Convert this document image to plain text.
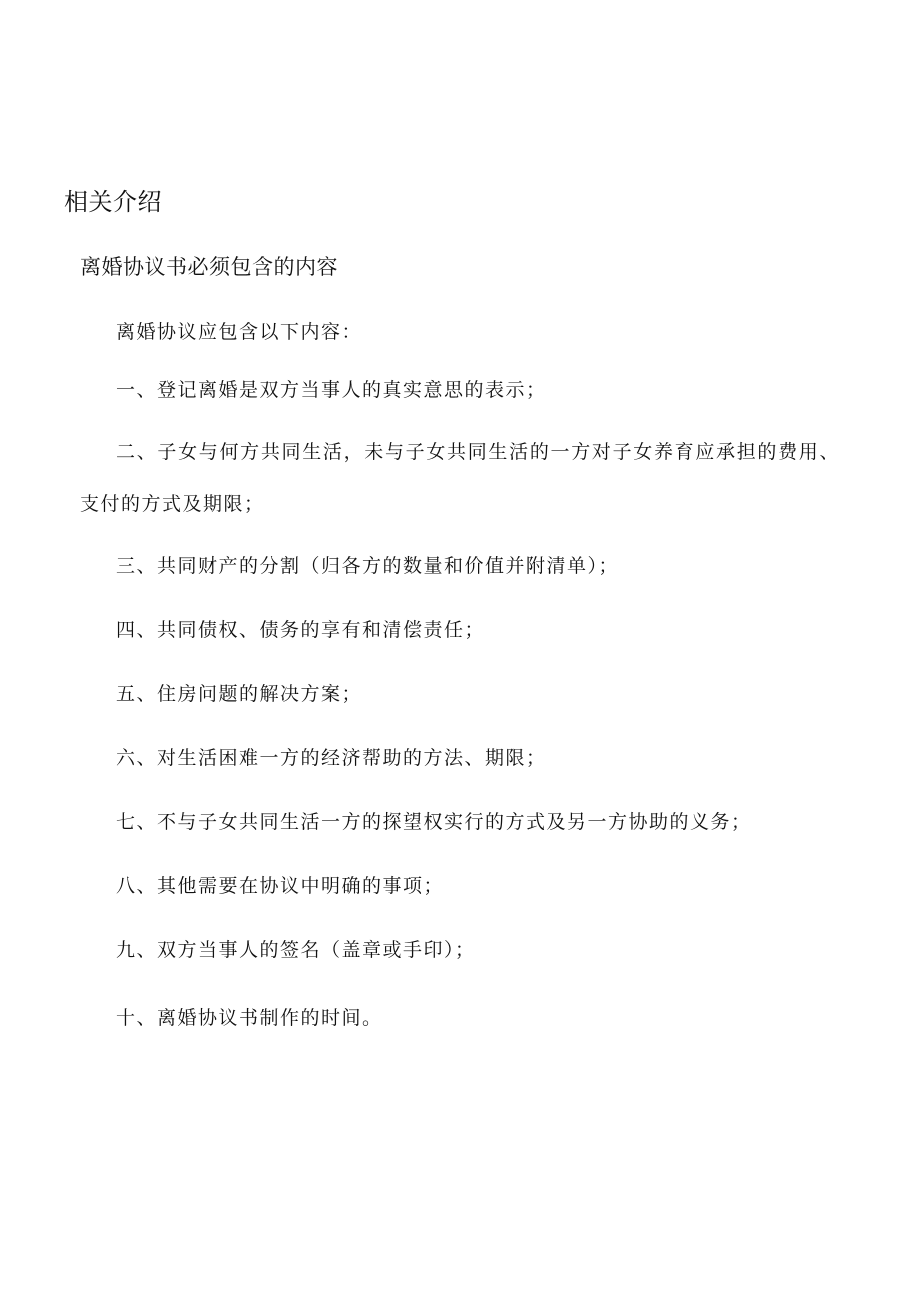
相关介绍
离婚协议书必须包含的内容

离婚协议应包含以下内容：

一、登记离婚是双方当事人的真实意思的表示；

二、子女与何方共同生活，未与子女共同生活的一方对子女养育应承担的费用、支付的方式及期限；

三、共同财产的分割（归各方的数量和价值并附清单）；

四、共同债权、债务的享有和清偿责任；

五、住房问题的解决方案；

六、对生活困难一方的经济帮助的方法、期限；

七、不与子女共同生活一方的探望权实行的方式及另一方协助的义务；

八、其他需要在协议中明确的事项；

九、双方当事人的签名（盖章或手印）；

十、离婚协议书制作的时间。
